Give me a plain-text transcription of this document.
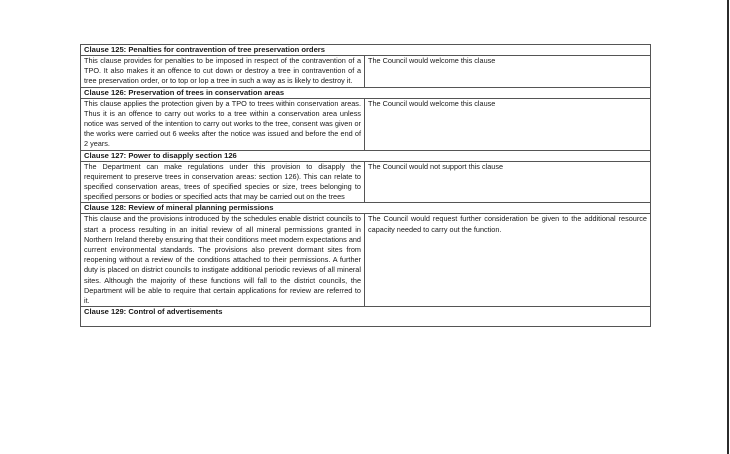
Clause 125: Penalties for contravention of tree preservation orders	
This clause provides for penalties to be imposed in respect of the contravention of a TPO. It also makes it an offence to cut down or destroy a tree in contravention of a tree preservation order, or to top or lop a tree in such a way as is likely to destroy it.	The Council would welcome this clause
Clause 126: Preservation of trees in conservation areas	
This clause applies the protection given by a TPO to trees within conservation areas. Thus it is an offence to carry out works to a tree within a conservation area unless notice was served of the intention to carry out works to the tree, consent was given or the works were carried out 6 weeks after the notice was issued and before the end of 2 years.	The Council would welcome this clause
Clause 127: Power to disapply section 126	
The Department can make regulations under this provision to disapply the requirement to preserve trees in conservation areas: section 126). This can relate to specified conservation areas, trees of specified species or size, trees belonging to specified persons or bodies or specified acts that may be carried out on the trees	The Council would not support this clause
Clause 128: Review of mineral planning permissions	
This clause and the provisions introduced by the schedules enable district councils to start a process resulting in an initial review of all mineral permissions granted in Northern Ireland thereby ensuring that their conditions meet modern expectations and current environmental standards. The provisions also prevent dormant sites from reopening without a review of the conditions attached to their permissions. A further duty is placed on district councils to instigate additional periodic reviews of all mineral sites. Although the majority of these functions will fall to the district councils, the Department will be able to require that certain applications for review are referred to it.	The Council would request further consideration be given to the additional resource capacity needed to carry out the function.
Clause 129: Control of advertisements	
